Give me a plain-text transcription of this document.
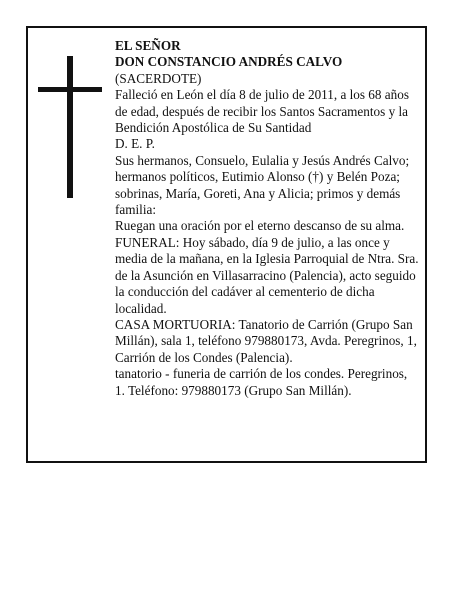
EL SEÑOR

DON CONSTANCIO ANDRÉS CALVO

(SACERDOTE)

Falleció en León el día 8 de julio de 2011, a los 68 años de edad, después de recibir los Santos Sacramentos y la Bendición Apostólica de Su Santidad

D. E. P.

Sus hermanos, Consuelo, Eulalia y Jesús Andrés Calvo; hermanos políticos, Eutimio Alonso (†) y Belén Poza; sobrinas, María, Goreti, Ana y Alicia; primos y demás familia:

Ruegan una oración por el eterno descanso de su alma.

FUNERAL: Hoy sábado, día 9 de julio, a las once y media de la mañana, en la Iglesia Parroquial de Ntra. Sra. de la Asunción en Villasarracino (Palencia), acto seguido la conducción del cadáver al cementerio de dicha localidad.

CASA MORTUORIA: Tanatorio de Carrión (Grupo San Millán), sala 1, teléfono 979880173, Avda. Peregrinos, 1, Carrión de los Condes (Palencia).

tanatorio - funeria de carrión de los condes. Peregrinos, 1. Teléfono: 979880173 (Grupo San Millán).
